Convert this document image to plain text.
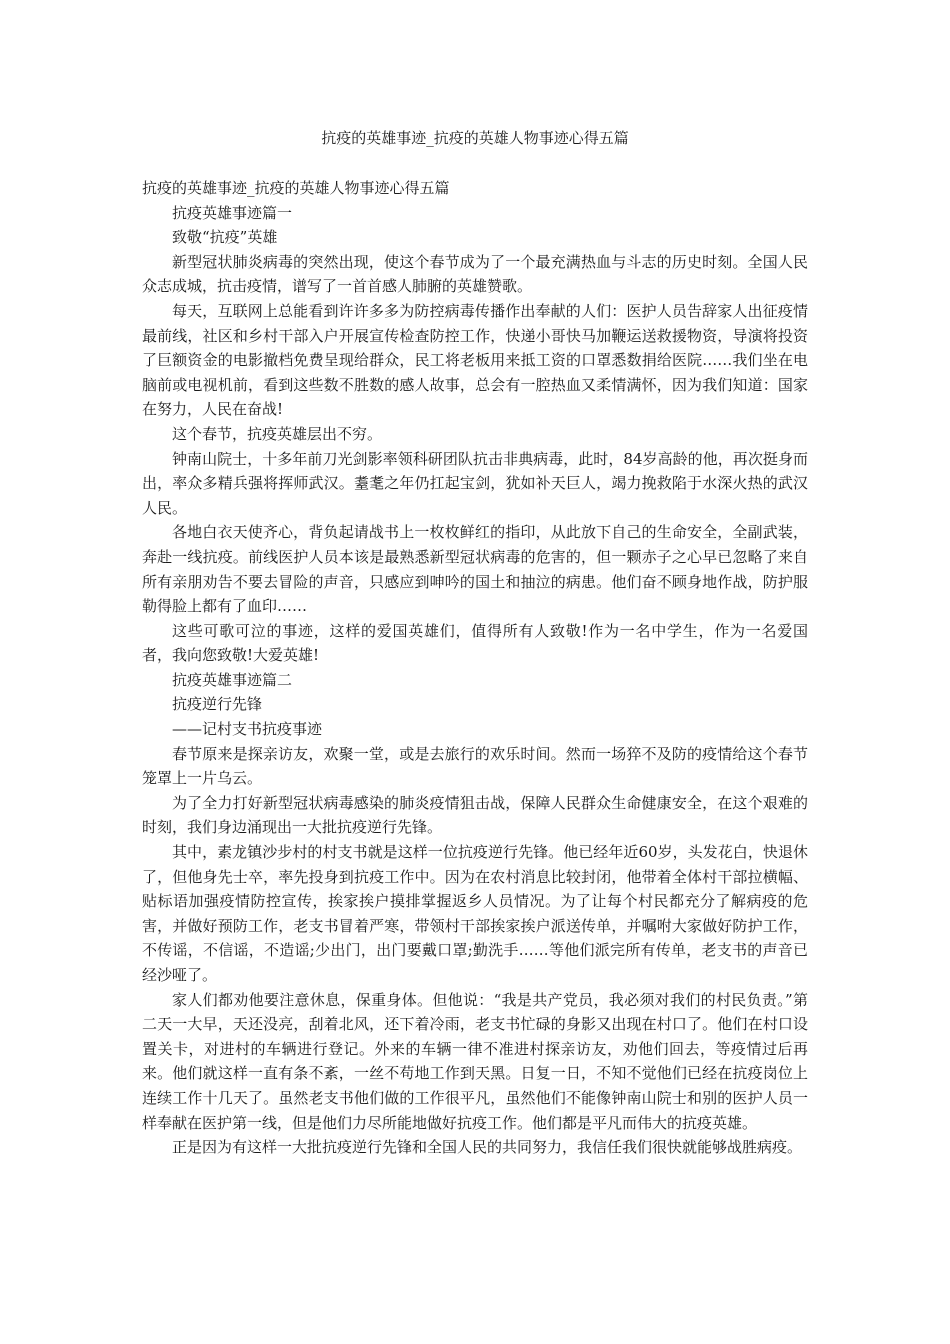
抗疫的英雄事迹_抗疫的英雄人物事迹心得五篇

抗疫的英雄事迹_抗疫的英雄人物事迹心得五篇

抗疫英雄事迹篇一

致敬“抗疫”英雄

新型冠状肺炎病毒的突然出现，使这个春节成为了一个最充满热血与斗志的历史时刻。全国人民众志成城，抗击疫情，谱写了一首首感人肺腑的英雄赞歌。

每天，互联网上总能看到许许多多为防控病毒传播作出奉献的人们：医护人员告辞家人出征疫情最前线，社区和乡村干部入户开展宣传检查防控工作，快递小哥快马加鞭运送救援物资，导演将投资了巨额资金的电影撤档免费呈现给群众，民工将老板用来抵工资的口罩悉数捐给医院……我们坐在电脑前或电视机前，看到这些数不胜数的感人故事，总会有一腔热血又柔情满怀，因为我们知道：国家在努力，人民在奋战!

这个春节，抗疫英雄层出不穷。

钟南山院士，十多年前刀光剑影率领科研团队抗击非典病毒，此时，84岁高龄的他，再次挺身而出，率众多精兵强将挥师武汉。耋耄之年仍扛起宝剑，犹如补天巨人，竭力挽救陷于水深火热的武汉人民。

各地白衣天使齐心，背负起请战书上一枚枚鲜红的指印，从此放下自己的生命安全，全副武装，奔赴一线抗疫。前线医护人员本该是最熟悉新型冠状病毒的危害的，但一颗赤子之心早已忽略了来自所有亲朋劝告不要去冒险的声音，只感应到呻吟的国土和抽泣的病患。他们奋不顾身地作战，防护服勒得脸上都有了血印……

这些可歌可泣的事迹，这样的爱国英雄们，值得所有人致敬!作为一名中学生，作为一名爱国者，我向您致敬!大爱英雄!

抗疫英雄事迹篇二

抗疫逆行先锋

——记村支书抗疫事迹

春节原来是探亲访友，欢聚一堂，或是去旅行的欢乐时间。然而一场猝不及防的疫情给这个春节笼罩上一片乌云。

为了全力打好新型冠状病毒感染的肺炎疫情狙击战，保障人民群众生命健康安全，在这个艰难的时刻，我们身边涌现出一大批抗疫逆行先锋。

其中，素龙镇沙步村的村支书就是这样一位抗疫逆行先锋。他已经年近60岁，头发花白，快退休了，但他身先士卒，率先投身到抗疫工作中。因为在农村消息比较封闭，他带着全体村干部拉横幅、贴标语加强疫情防控宣传，挨家挨户摸排掌握返乡人员情况。为了让每个村民都充分了解病疫的危害，并做好预防工作，老支书冒着严寒，带领村干部挨家挨户派送传单，并嘱咐大家做好防护工作，不传谣，不信谣，不造谣;少出门，出门要戴口罩;勤洗手……等他们派完所有传单，老支书的声音已经沙哑了。

家人们都劝他要注意休息，保重身体。但他说：“我是共产党员，我必须对我们的村民负责。”第二天一大早，天还没亮，刮着北风，还下着冷雨，老支书忙碌的身影又出现在村口了。他们在村口设置关卡，对进村的车辆进行登记。外来的车辆一律不准进村探亲访友，劝他们回去，等疫情过后再来。他们就这样一直有条不紊，一丝不苟地工作到天黑。日复一日，不知不觉他们已经在抗疫岗位上连续工作十几天了。虽然老支书他们做的工作很平凡，虽然他们不能像钟南山院士和别的医护人员一样奉献在医护第一线，但是他们力尽所能地做好抗疫工作。他们都是平凡而伟大的抗疫英雄。

正是因为有这样一大批抗疫逆行先锋和全国人民的共同努力，我信任我们很快就能够战胜病疫。
